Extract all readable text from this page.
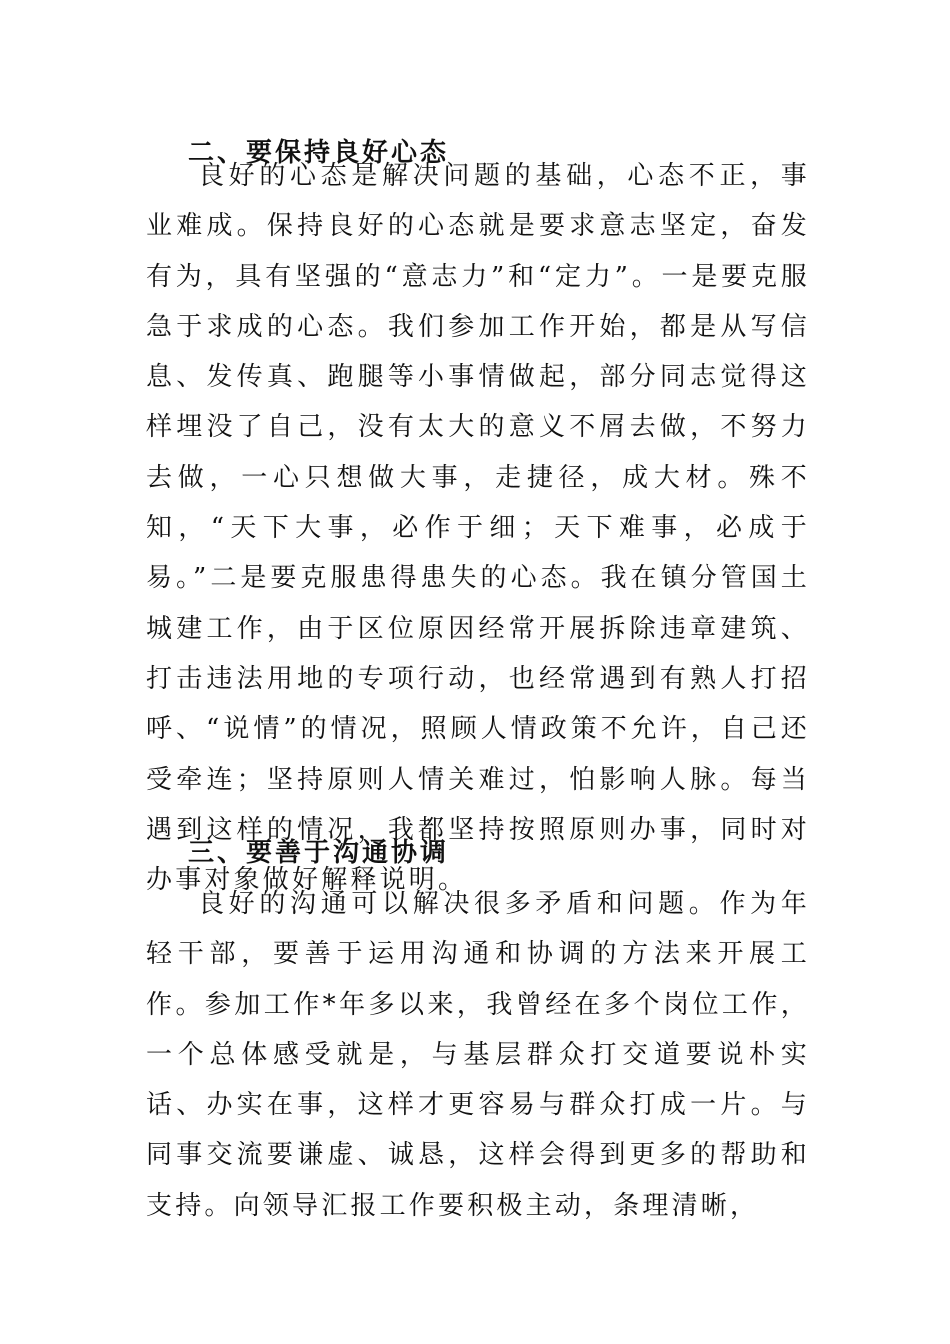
二、要保持良好心态

良好的心态是解决问题的基础，心态不正，事业难成。保持良好的心态就是要求意志坚定，奋发有为，具有坚强的“意志力”和“定力”。一是要克服急于求成的心态。我们参加工作开始，都是从写信息、发传真、跑腿等小事情做起，部分同志觉得这样埋没了自己，没有太大的意义不屑去做，不努力去做，一心只想做大事，走捷径，成大材。殊不知，“天下大事，必作于细；天下难事，必成于易。”二是要克服患得患失的心态。我在镇分管国土城建工作，由于区位原因经常开展拆除违章建筑、打击违法用地的专项行动，也经常遇到有熟人打招呼、“说情”的情况，照顾人情政策不允许，自己还受牵连；坚持原则人情关难过，怕影响人脉。每当遇到这样的情况，我都坚持按照原则办事，同时对办事对象做好解释说明。

三、要善于沟通协调

良好的沟通可以解决很多矛盾和问题。作为年轻干部，要善于运用沟通和协调的方法来开展工作。参加工作*年多以来，我曾经在多个岗位工作，一个总体感受就是，与基层群众打交道要说朴实话、办实在事，这样才更容易与群众打成一片。与同事交流要谦虚、诚恳，这样会得到更多的帮助和支持。向领导汇报工作要积极主动，条理清晰，
